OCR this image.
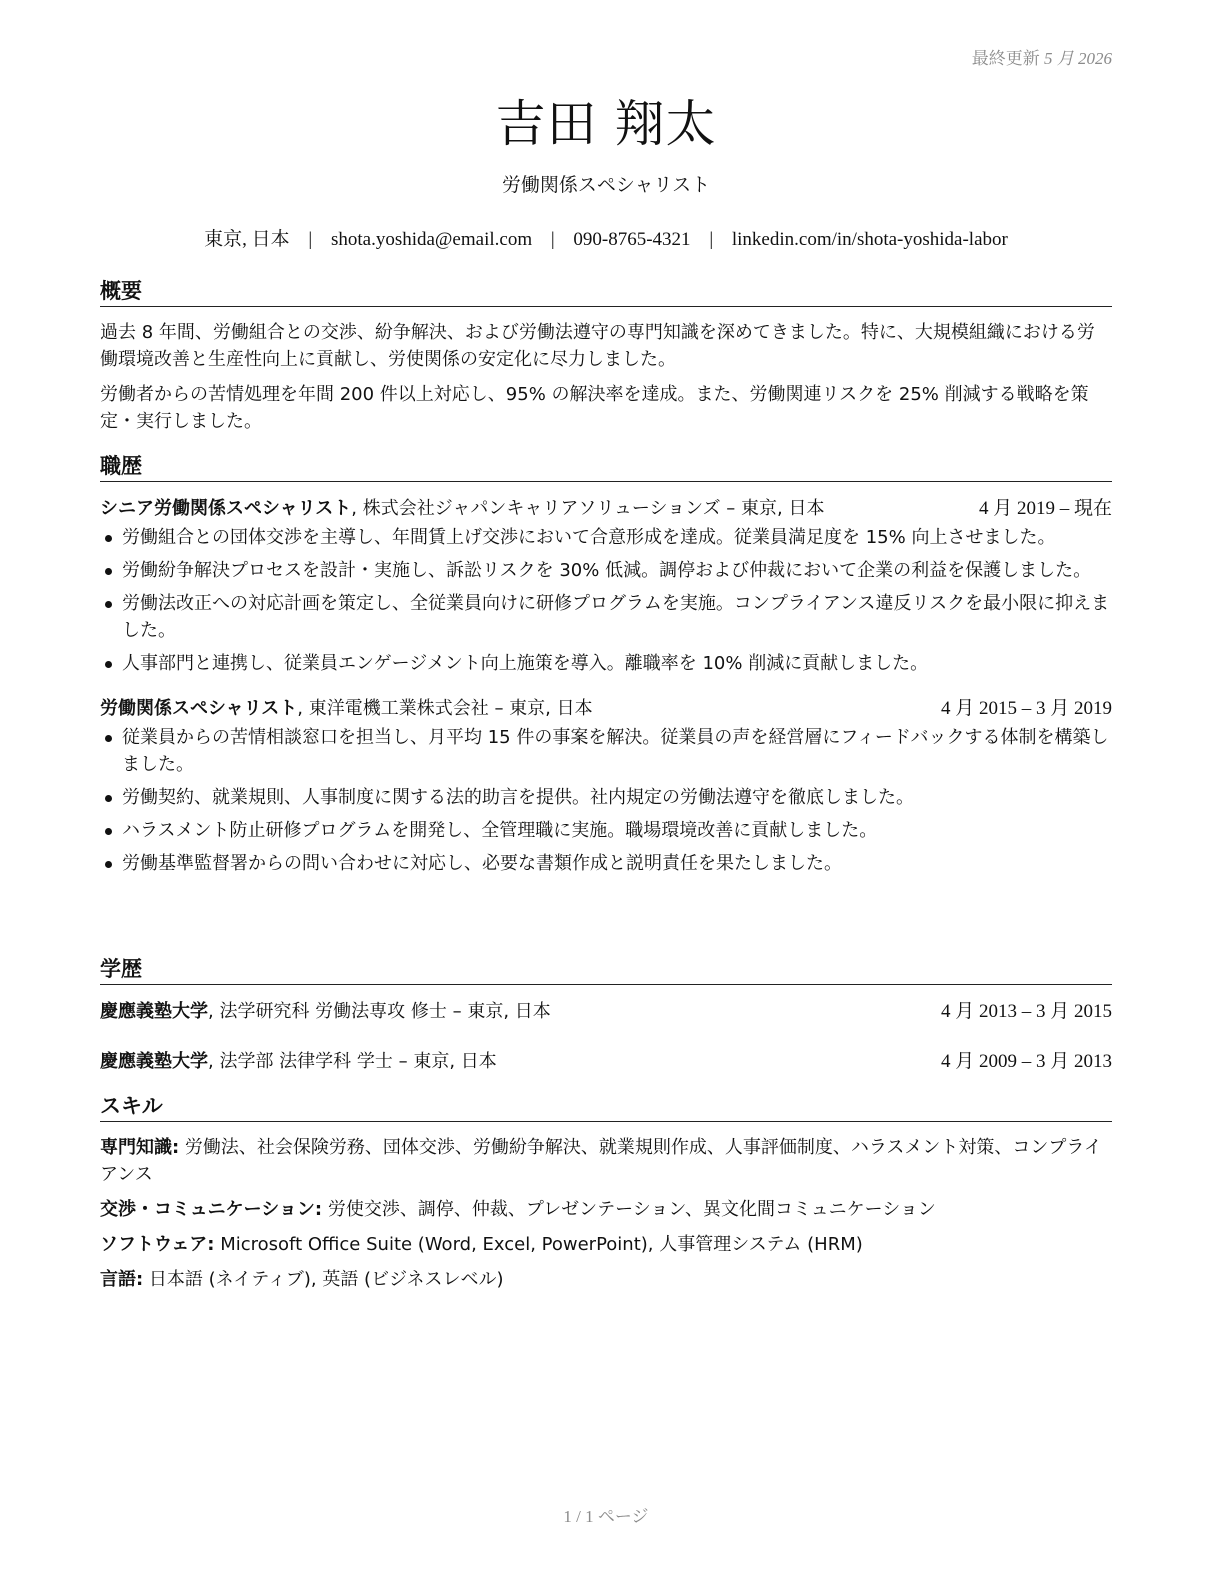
最終更新 5 月 2026
吉田 翔太
労働関係スペシャリスト
東京, 日本 | shota.yoshida@email.com | 090-8765-4321 | linkedin.com/in/shota-yoshida-labor
概要
過去 8 年間、労働組合との交渉、紛争解決、および労働法遵守の専門知識を深めてきました。特に、大規模組織における労働環境改善と生産性向上に貢献し、労使関係の安定化に尽力しました。
労働者からの苦情処理を年間 200 件以上対応し、95% の解決率を達成。また、労働関連リスクを 25% 削減する戦略を策定・実行しました。
職歴
シニア労働関係スペシャリスト, 株式会社ジャパンキャリアソリューションズ – 東京, 日本	4 月 2019 – 現在
労働組合との団体交渉を主導し、年間賃上げ交渉において合意形成を達成。従業員満足度を 15% 向上させました。
労働紛争解決プロセスを設計・実施し、訴訟リスクを 30% 低減。調停および仲裁において企業の利益を保護しました。
労働法改正への対応計画を策定し、全従業員向けに研修プログラムを実施。コンプライアンス違反リスクを最小限に抑えました。
人事部門と連携し、従業員エンゲージメント向上施策を導入。離職率を 10% 削減に貢献しました。
労働関係スペシャリスト, 東洋電機工業株式会社 – 東京, 日本	4 月 2015 – 3 月 2019
従業員からの苦情相談窓口を担当し、月平均 15 件の事案を解決。従業員の声を経営層にフィードバックする体制を構築しました。
労働契約、就業規則、人事制度に関する法的助言を提供。社内規定の労働法遵守を徹底しました。
ハラスメント防止研修プログラムを開発し、全管理職に実施。職場環境改善に貢献しました。
労働基準監督署からの問い合わせに対応し、必要な書類作成と説明責任を果たしました。
学歴
慶應義塾大学, 法学研究科 労働法専攻 修士 – 東京, 日本	4 月 2013 – 3 月 2015
慶應義塾大学, 法学部 法律学科 学士 – 東京, 日本	4 月 2009 – 3 月 2013
スキル
専門知識: 労働法、社会保険労務、団体交渉、労働紛争解決、就業規則作成、人事評価制度、ハラスメント対策、コンプライアンス
交渉・コミュニケーション: 労使交渉、調停、仲裁、プレゼンテーション、異文化間コミュニケーション
ソフトウェア: Microsoft Office Suite (Word, Excel, PowerPoint), 人事管理システム (HRM)
言語: 日本語 (ネイティブ), 英語 (ビジネスレベル)
1 / 1 ページ
